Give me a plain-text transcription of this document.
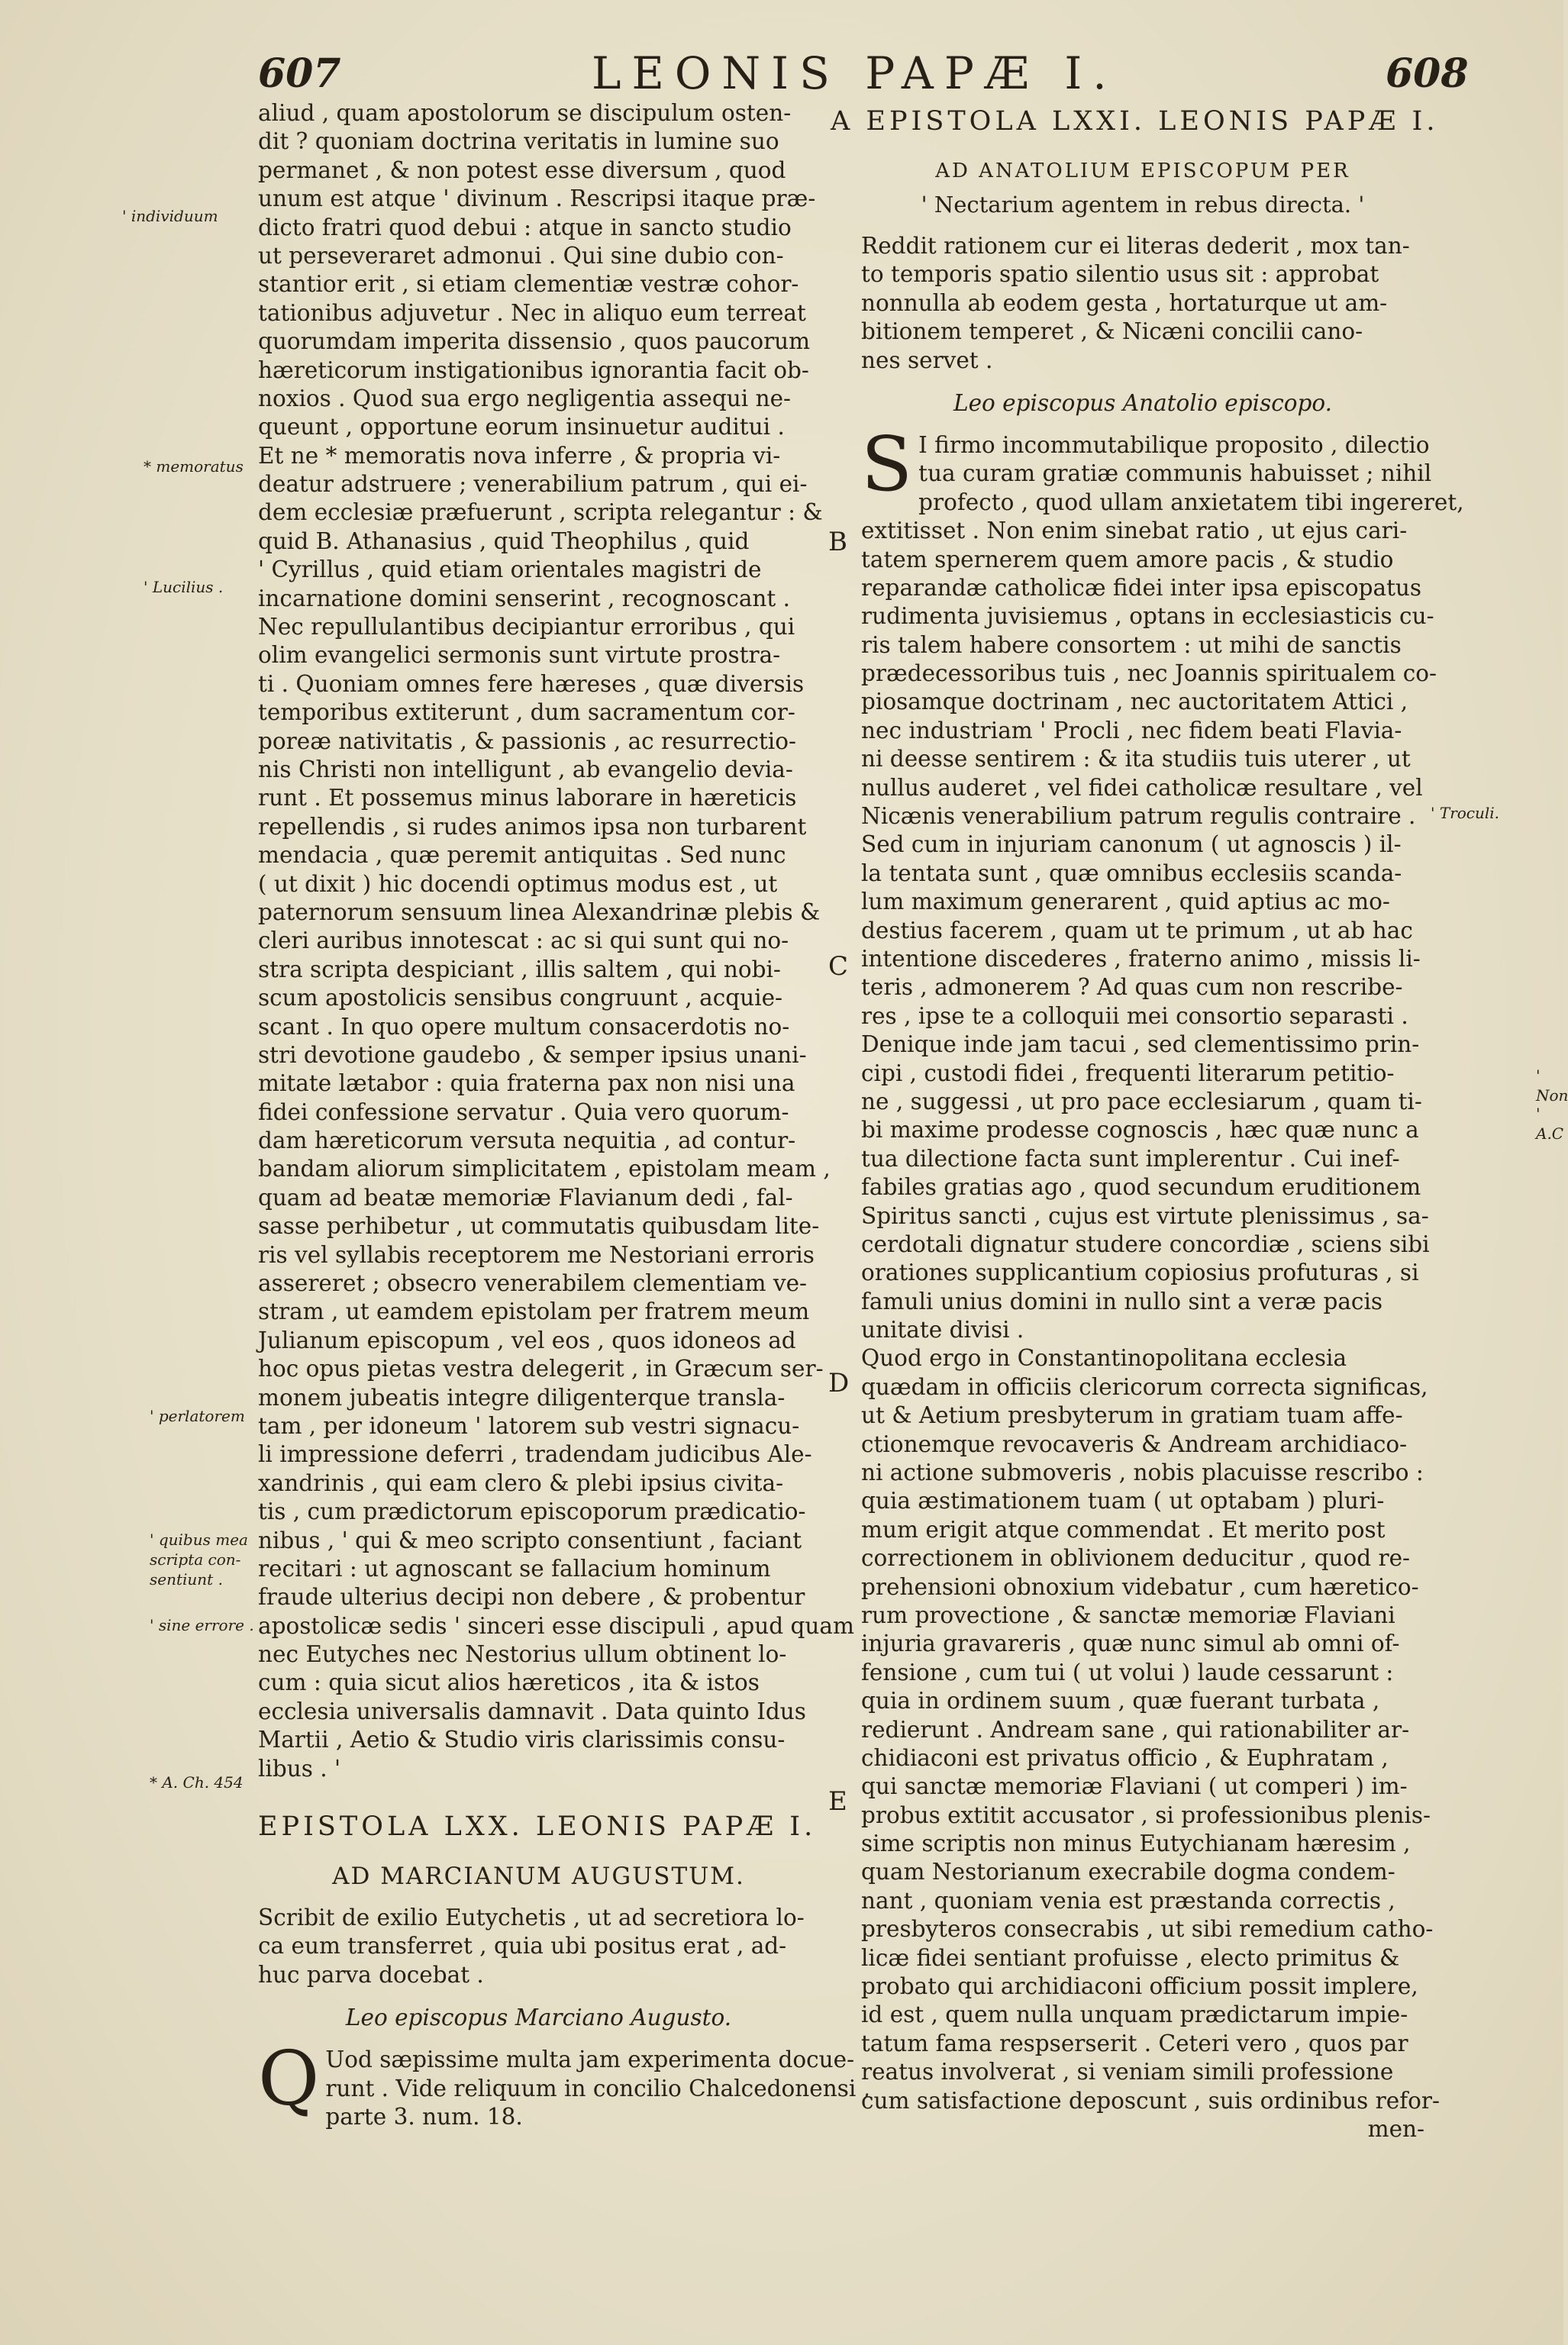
607	LEONIS PAPÆ I.	608
' individuum
* memoratus
' Lucilius .
' perlatorem
' quibus mea
scripta con-
sentiunt .
' sine errore .
* A. Ch. 454
' Troculi.
' Non
' A.C
B
C
D
E
aliud , quam apostolorum se discipulum osten-
dit ? quoniam doctrina veritatis in lumine suo
permanet , & non potest esse diversum , quod
unum est atque ' divinum . Rescripsi itaque præ-
dicto fratri quod debui : atque in sancto studio
ut perseveraret admonui . Qui sine dubio con-
stantior erit , si etiam clementiæ vestræ cohor-
tationibus adjuvetur . Nec in aliquo eum terreat
quorumdam imperita dissensio , quos paucorum
hæreticorum instigationibus ignorantia facit ob-
noxios . Quod sua ergo negligentia assequi ne-
queunt , opportune eorum insinuetur auditui .
Et ne * memoratis nova inferre , & propria vi-
deatur adstruere ; venerabilium patrum , qui ei-
dem ecclesiæ præfuerunt , scripta relegantur : &
quid B. Athanasius , quid Theophilus , quid
' Cyrillus , quid etiam orientales magistri de
incarnatione domini senserint , recognoscant .
Nec repullulantibus decipiantur erroribus , qui
olim evangelici sermonis sunt virtute prostra-
ti . Quoniam omnes fere hæreses , quæ diversis
temporibus extiterunt , dum sacramentum cor-
poreæ nativitatis , & passionis , ac resurrectio-
nis Christi non intelligunt , ab evangelio devia-
runt . Et possemus minus laborare in hæreticis
repellendis , si rudes animos ipsa non turbarent
mendacia , quæ peremit antiquitas . Sed nunc
( ut dixit ) hic docendi optimus modus est , ut
paternorum sensuum linea Alexandrinæ plebis &
cleri auribus innotescat : ac si qui sunt qui no-
stra scripta despiciant , illis saltem , qui nobi-
scum apostolicis sensibus congruunt , acquie-
scant . In quo opere multum consacerdotis no-
stri devotione gaudebo , & semper ipsius unani-
mitate lætabor : quia fraterna pax non nisi una
fidei confessione servatur . Quia vero quorum-
dam hæreticorum versuta nequitia , ad contur-
bandam aliorum simplicitatem , epistolam meam ,
quam ad beatæ memoriæ Flavianum dedi , fal-
sasse perhibetur , ut commutatis quibusdam lite-
ris vel syllabis receptorem me Nestoriani erroris
assereret ; obsecro venerabilem clementiam ve-
stram , ut eamdem epistolam per fratrem meum
Julianum episcopum , vel eos , quos idoneos ad
hoc opus pietas vestra delegerit , in Græcum ser-
monem jubeatis integre diligenterque transla-
tam , per idoneum ' latorem sub vestri signacu-
li impressione deferri , tradendam judicibus Ale-
xandrinis , qui eam clero & plebi ipsius civita-
tis , cum prædictorum episcoporum prædicatio-
nibus , ' qui & meo scripto consentiunt , faciant
recitari : ut agnoscant se fallacium hominum
fraude ulterius decipi non debere , & probentur
apostolicæ sedis ' sinceri esse discipuli , apud quam
nec Eutyches nec Nestorius ullum obtinent lo-
cum : quia sicut alios hæreticos , ita & istos
ecclesia universalis damnavit . Data quinto Idus
Martii , Aetio & Studio viris clarissimis consu-
libus . '
EPISTOLA LXX. LEONIS PAPÆ I.
AD MARCIANUM AUGUSTUM.
Scribit de exilio Eutychetis , ut ad secretiora lo-
ca eum transferret , quia ubi positus erat , ad-
huc parva docebat .
Leo episcopus Marciano Augusto.
Q Uod sæpissime multa jam experimenta docue-
runt . Vide reliquum in concilio Chalcedonensi ,
parte 3. num. 18.
A EPISTOLA LXXI. LEONIS PAPÆ I.
AD ANATOLIUM EPISCOPUM PER
' Nectarium agentem in rebus directa. '
Reddit rationem cur ei literas dederit , mox tan-
to temporis spatio silentio usus sit : approbat
nonnulla ab eodem gesta , hortaturque ut am-
bitionem temperet , & Nicæni concilii cano-
nes servet .
Leo episcopus Anatolio episcopo.
S I firmo incommutabilique proposito , dilectio
tua curam gratiæ communis habuisset ; nihil
profecto , quod ullam anxietatem tibi ingereret,
extitisset . Non enim sinebat ratio , ut ejus cari-
tatem spernerem quem amore pacis , & studio
reparandæ catholicæ fidei inter ipsa episcopatus
rudimenta juvisiemus , optans in ecclesiasticis cu-
ris talem habere consortem : ut mihi de sanctis
prædecessoribus tuis , nec Joannis spiritualem co-
piosamque doctrinam , nec auctoritatem Attici ,
nec industriam ' Procli , nec fidem beati Flavia-
ni deesse sentirem : & ita studiis tuis uterer , ut
nullus auderet , vel fidei catholicæ resultare , vel
Nicænis venerabilium patrum regulis contraire .
Sed cum in injuriam canonum ( ut agnoscis ) il-
la tentata sunt , quæ omnibus ecclesiis scanda-
lum maximum generarent , quid aptius ac mo-
destius facerem , quam ut te primum , ut ab hac
intentione discederes , fraterno animo , missis li-
teris , admonerem ? Ad quas cum non rescribe-
res , ipse te a colloquii mei consortio separasti .
Denique inde jam tacui , sed clementissimo prin-
cipi , custodi fidei , frequenti literarum petitio-
ne , suggessi , ut pro pace ecclesiarum , quam ti-
bi maxime prodesse cognoscis , hæc quæ nunc a
tua dilectione facta sunt implerentur . Cui inef-
fabiles gratias ago , quod secundum eruditionem
Spiritus sancti , cujus est virtute plenissimus , sa-
cerdotali dignatur studere concordiæ , sciens sibi
orationes supplicantium copiosius profuturas , si
famuli unius domini in nullo sint a veræ pacis
unitate divisi .
Quod ergo in Constantinopolitana ecclesia
quædam in officiis clericorum correcta significas,
ut & Aetium presbyterum in gratiam tuam affe-
ctionemque revocaveris & Andream archidiaco-
ni actione submoveris , nobis placuisse rescribo :
quia æstimationem tuam ( ut optabam ) pluri-
mum erigit atque commendat . Et merito post
correctionem in oblivionem deducitur , quod re-
prehensioni obnoxium videbatur , cum hæretico-
rum provectione , & sanctæ memoriæ Flaviani
injuria gravareris , quæ nunc simul ab omni of-
fensione , cum tui ( ut volui ) laude cessarunt :
quia in ordinem suum , quæ fuerant turbata ,
redierunt . Andream sane , qui rationabiliter ar-
chidiaconi est privatus officio , & Euphratam ,
qui sanctæ memoriæ Flaviani ( ut comperi ) im-
probus extitit accusator , si professionibus plenis-
sime scriptis non minus Eutychianam hæresim ,
quam Nestorianum execrabile dogma condem-
nant , quoniam venia est præstanda correctis ,
presbyteros consecrabis , ut sibi remedium catho-
licæ fidei sentiant profuisse , electo primitus &
probato qui archidiaconi officium possit implere,
id est , quem nulla unquam prædictarum impie-
tatum fama respserserit . Ceteri vero , quos par
reatus involverat , si veniam simili professione
cum satisfactione deposcunt , suis ordinibus refor-
men-
